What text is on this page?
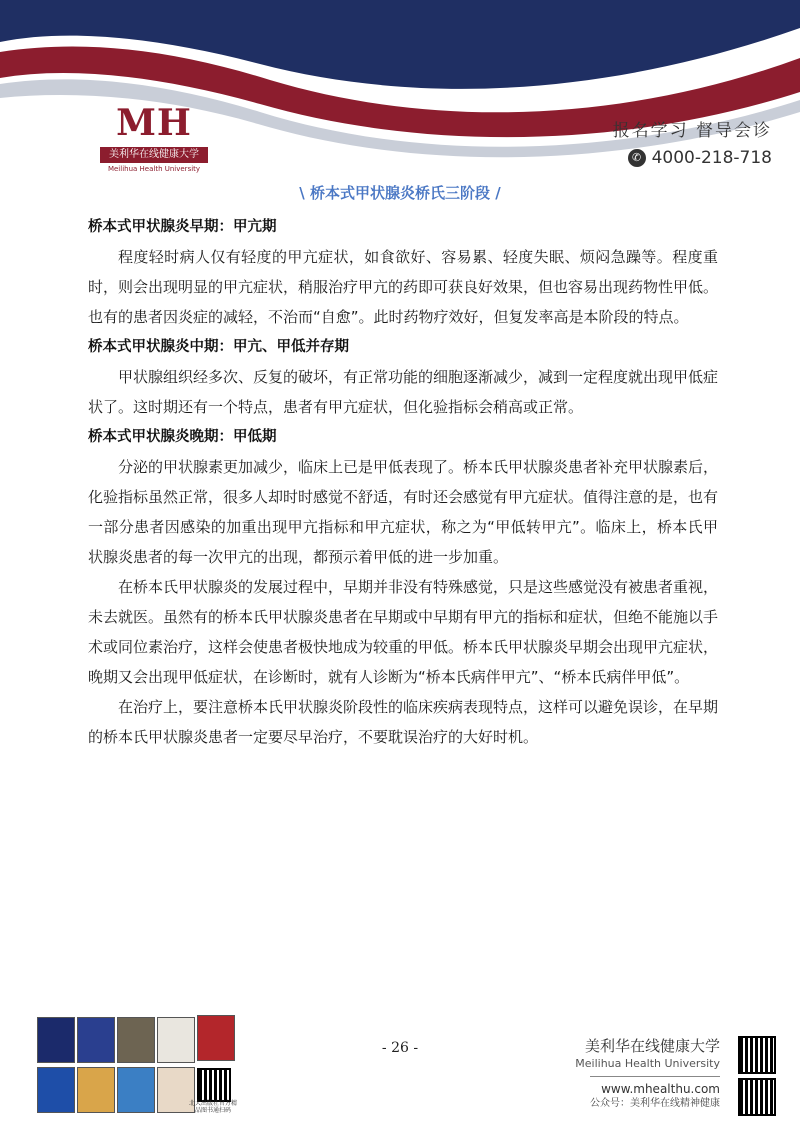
MH
美利华在线健康大学
Meilihua Health University
报名学习 督导会诊
✆ 4000-218-718
\ 桥本式甲状腺炎桥氏三阶段 /
桥本式甲状腺炎早期：甲亢期

程度轻时病人仅有轻度的甲亢症状，如食欲好、容易累、轻度失眠、烦闷急躁等。程度重时，则会出现明显的甲亢症状，稍服治疗甲亢的药即可获良好效果，但也容易出现药物性甲低。也有的患者因炎症的减轻，不治而“自愈”。此时药物疗效好，但复发率高是本阶段的特点。

桥本式甲状腺炎中期：甲亢、甲低并存期

甲状腺组织经多次、反复的破坏，有正常功能的细胞逐渐减少，减到一定程度就出现甲低症状了。这时期还有一个特点，患者有甲亢症状，但化验指标会稍高或正常。

桥本式甲状腺炎晚期：甲低期

分泌的甲状腺素更加减少，临床上已是甲低表现了。桥本氏甲状腺炎患者补充甲状腺素后，化验指标虽然正常，很多人却时时感觉不舒适，有时还会感觉有甲亢症状。值得注意的是，也有一部分患者因感染的加重出现甲亢指标和甲亢症状，称之为“甲低转甲亢”。临床上，桥本氏甲状腺炎患者的每一次甲亢的出现，都预示着甲低的进一步加重。

在桥本氏甲状腺炎的发展过程中，早期并非没有特殊感觉，只是这些感觉没有被患者重视，未去就医。虽然有的桥本氏甲状腺炎患者在早期或中早期有甲亢的指标和症状，但绝不能施以手术或同位素治疗，这样会使患者极快地成为较重的甲低。桥本氏甲状腺炎早期会出现甲亢症状，晚期又会出现甲低症状，在诊断时，就有人诊断为“桥本氏病伴甲亢”、“桥本氏病伴甲低”。

在治疗上，要注意桥本氏甲状腺炎阶段性的临床疾病表现特点，这样可以避免误诊，在早期的桥本氏甲状腺炎患者一定要尽早治疗，不要耽误治疗的大好时机。

北大出版社官方精品图书通扫码
- 26 -	美利华在线健康大学
Meilihua Health University
www.mhealthu.com
公众号：美利华在线精神健康
